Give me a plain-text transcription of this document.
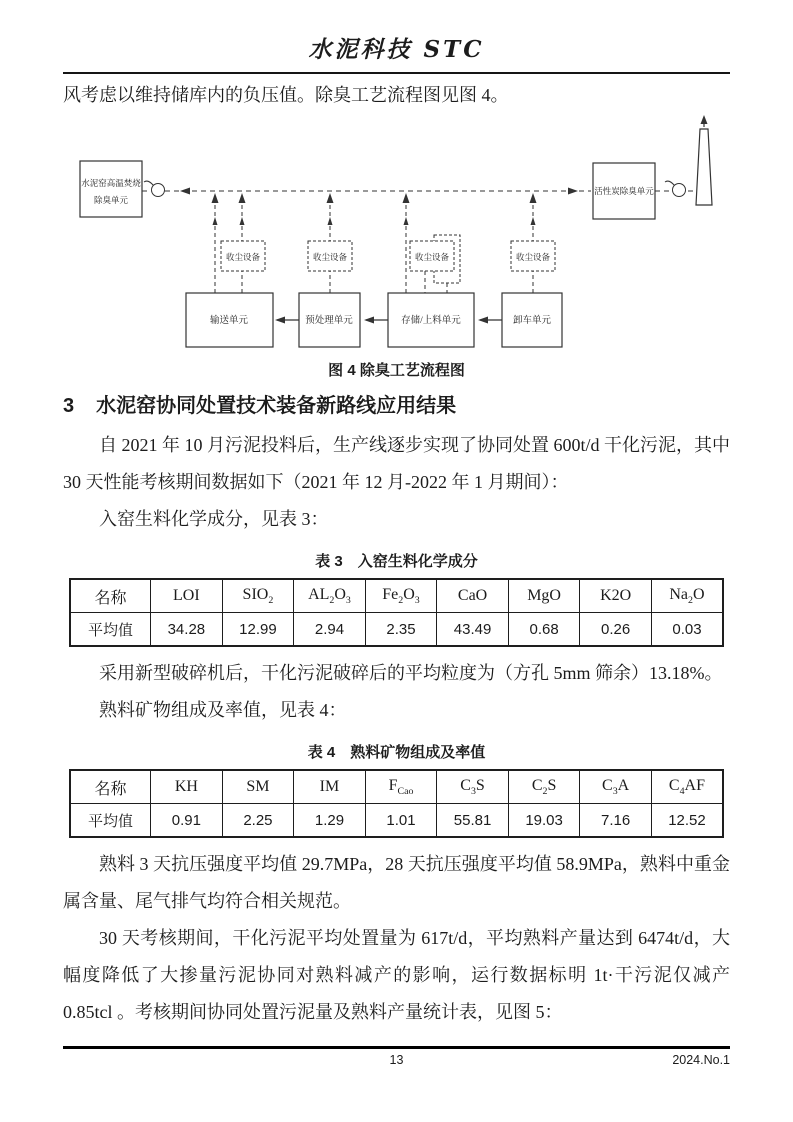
水泥科技 STC

风考虑以维持储库内的负压值。除臭工艺流程图见图 4。

收尘设备	收尘设备	收尘设备	收尘设备
水泥窑高温焚烧
除臭单元
输送单元	预处理单元	存储/上料单元	卸车单元
活性炭除臭单元
图 4 除臭工艺流程图
3 水泥窑协同处置技术装备新路线应用结果

自 2021 年 10 月污泥投料后，生产线逐步实现了协同处置 600t/d 干化污泥，其中 30 天性能考核期间数据如下（2021 年 12 月-2022 年 1 月期间）：

入窑生料化学成分，见表 3：

表 3　入窑生料化学成分
名称	LOI	$SIO_2$	$AL_2O_3$	$Fe_2O_3$	CaO	MgO	K2O	$Na_2O$
平均值	34.28	12.99	2.94	2.35	43.49	0.68	0.26	0.03

采用新型破碎机后，干化污泥破碎后的平均粒度为（方孔 5mm 筛余）13.18%。

熟料矿物组成及率值，见表 4：

表 4　熟料矿物组成及率值
名称	KH	SM	IM	$F_{Cao}$	$C_3S$	$C_2S$	$C_3A$	$C_4AF$
平均值	0.91	2.25	1.29	1.01	55.81	19.03	7.16	12.52

熟料 3 天抗压强度平均值 29.7MPa，28 天抗压强度平均值 58.9MPa，熟料中重金属含量、尾气排气均符合相关规范。

30 天考核期间，干化污泥平均处置量为 617t/d，平均熟料产量达到 6474t/d，大幅度降低了大掺量污泥协同对熟料减产的影响，运行数据标明 1t·干污泥仅减产 0.85tcl 。考核期间协同处置污泥量及熟料产量统计表，见图 5：

13	2024.No.1
